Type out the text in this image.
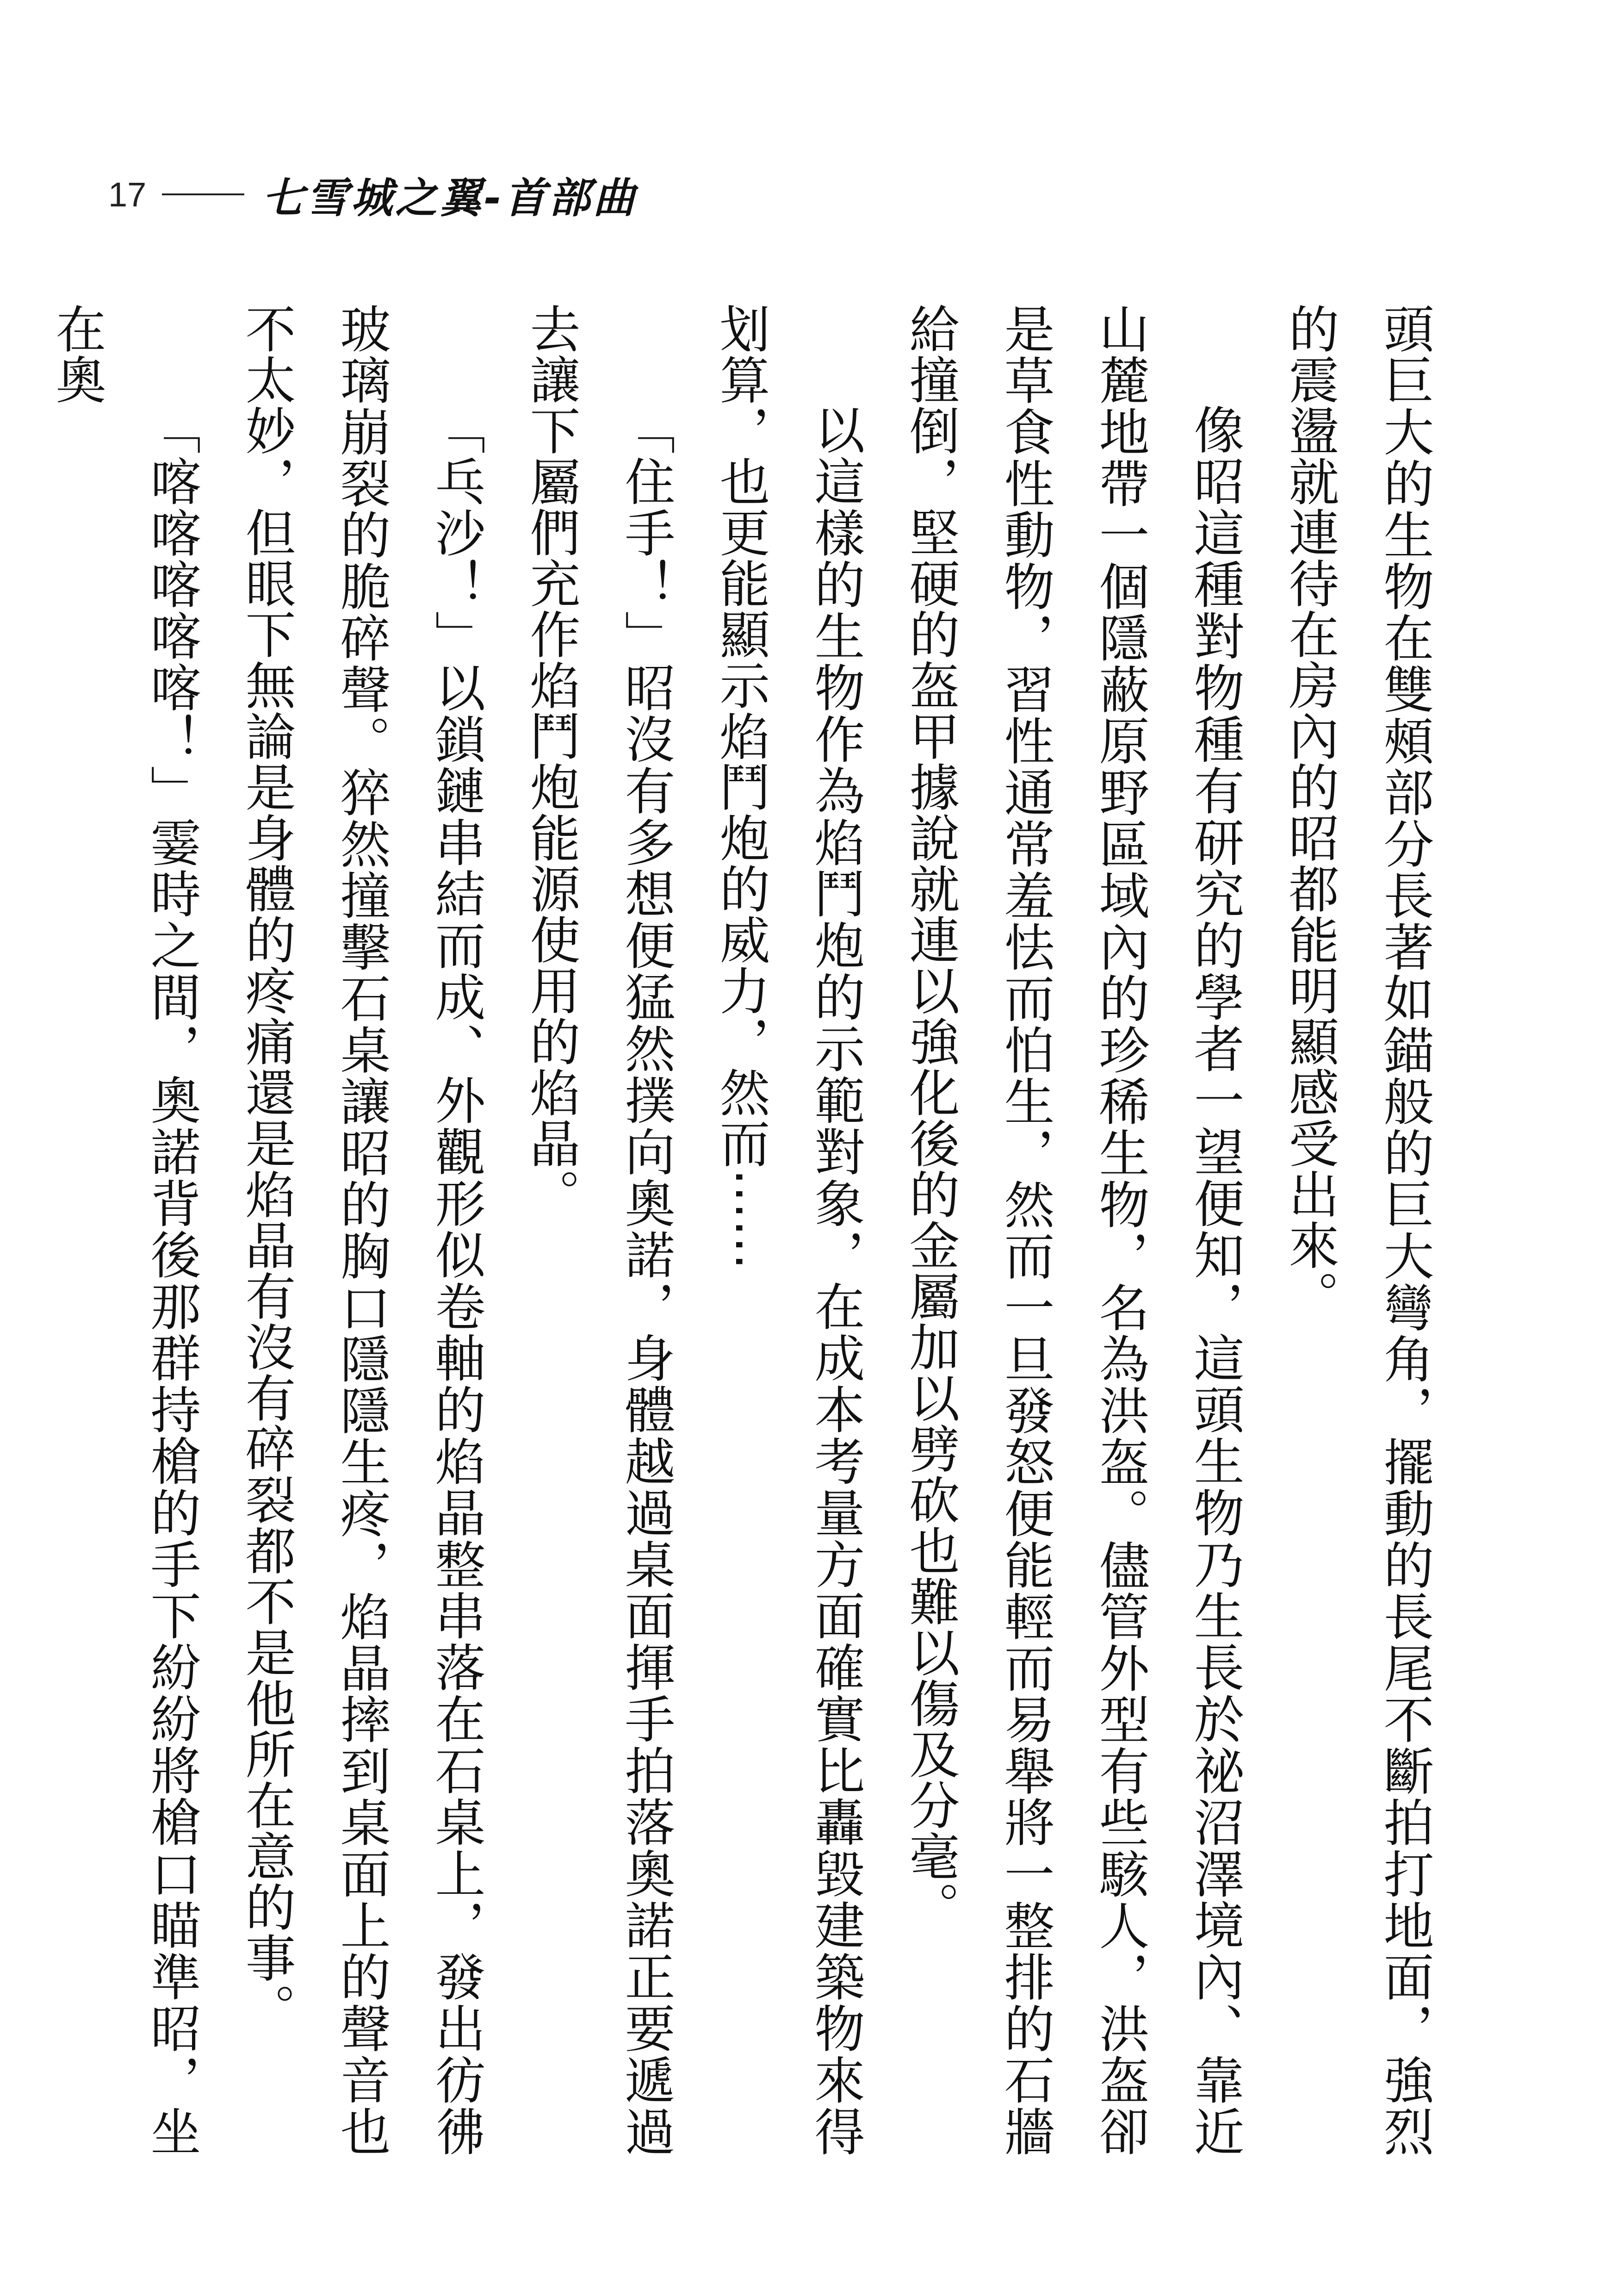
17	七雪城之翼-首部曲

頭巨大的生物在雙頰部分長著如錨般的巨大彎角，擺動的長尾不斷拍打地面，強烈的震盪就連待在房內的昭都能明顯感受出來。

像昭這種對物種有研究的學者一望便知，這頭生物乃生長於祕沼澤境內、靠近山麓地帶一個隱蔽原野區域內的珍稀生物，名為洪盔。儘管外型有些駭人，洪盔卻是草食性動物，習性通常羞怯而怕生，然而一旦發怒便能輕而易舉將一整排的石牆給撞倒，堅硬的盔甲據說就連以強化後的金屬加以劈砍也難以傷及分毫。

以這樣的生物作為焰鬥炮的示範對象，在成本考量方面確實比轟毀建築物來得划算，也更能顯示焰鬥炮的威力，然而⋯⋯

「住手！」昭沒有多想便猛然撲向奧諾，身體越過桌面揮手拍落奧諾正要遞過去讓下屬們充作焰鬥炮能源使用的焰晶。

「乓沙！」以鎖鏈串結而成、外觀形似卷軸的焰晶整串落在石桌上，發出彷彿玻璃崩裂的脆碎聲。猝然撞擊石桌讓昭的胸口隱隱生疼，焰晶摔到桌面上的聲音也不太妙，但眼下無論是身體的疼痛還是焰晶有沒有碎裂都不是他所在意的事。

「喀喀喀喀喀！」霎時之間，奧諾背後那群持槍的手下紛紛將槍口瞄準昭，坐在奧
